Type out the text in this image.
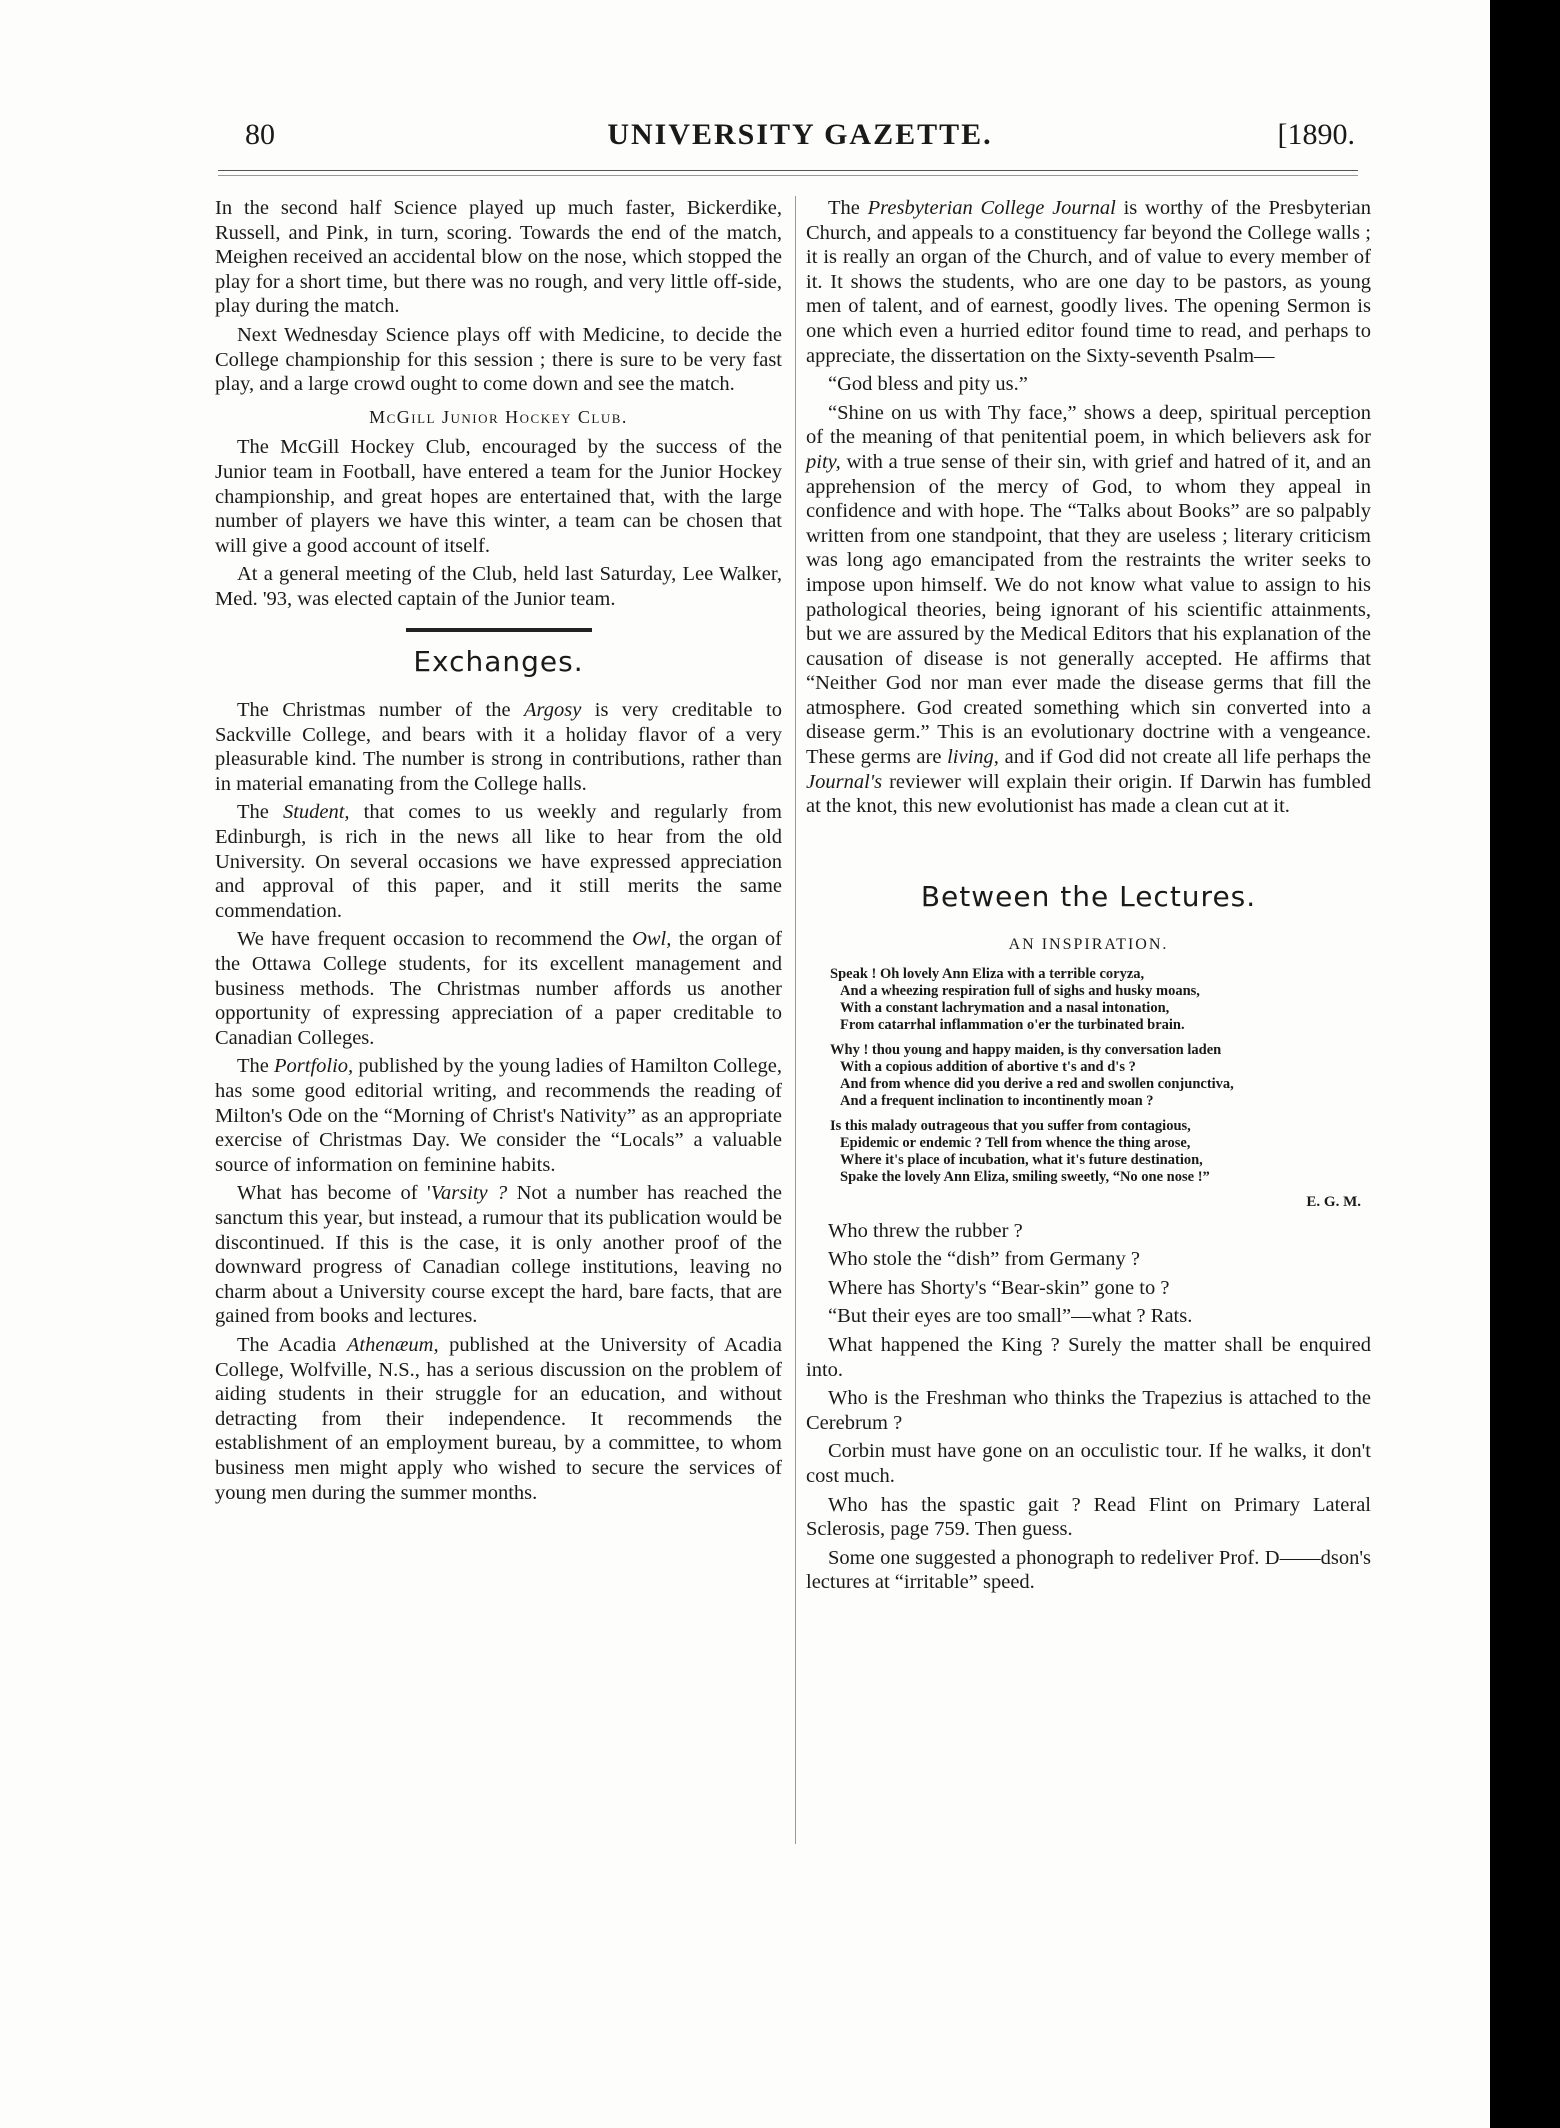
80	UNIVERSITY GAZETTE.	[1890.

In the second half Science played up much faster, Bickerdike, Russell, and Pink, in turn, scoring. Towards the end of the match, Meighen received an accidental blow on the nose, which stopped the play for a short time, but there was no rough, and very little off-side, play during the match.

Next Wednesday Science plays off with Medicine, to decide the College championship for this session ; there is sure to be very fast play, and a large crowd ought to come down and see the match.

McGill Junior Hockey Club.

The McGill Hockey Club, encouraged by the success of the Junior team in Football, have entered a team for the Junior Hockey championship, and great hopes are entertained that, with the large number of players we have this winter, a team can be chosen that will give a good account of itself.

At a general meeting of the Club, held last Saturday, Lee Walker, Med. '93, was elected captain of the Junior team.

Exchanges.

The Christmas number of the Argosy is very creditable to Sackville College, and bears with it a holiday flavor of a very pleasurable kind. The number is strong in contributions, rather than in material emanating from the College halls.

The Student, that comes to us weekly and regularly from Edinburgh, is rich in the news all like to hear from the old University. On several occasions we have expressed appreciation and approval of this paper, and it still merits the same commendation.

We have frequent occasion to recommend the Owl, the organ of the Ottawa College students, for its excellent management and business methods. The Christmas number affords us another opportunity of expressing appreciation of a paper creditable to Canadian Colleges.

The Portfolio, published by the young ladies of Hamilton College, has some good editorial writing, and recommends the reading of Milton's Ode on the “Morning of Christ's Nativity” as an appropriate exercise of Christmas Day. We consider the “Locals” a valuable source of information on feminine habits.

What has become of 'Varsity ? Not a number has reached the sanctum this year, but instead, a rumour that its publication would be discontinued. If this is the case, it is only another proof of the downward progress of Canadian college institutions, leaving no charm about a University course except the hard, bare facts, that are gained from books and lectures.

The Acadia Athenæum, published at the University of Acadia College, Wolfville, N.S., has a serious discussion on the problem of aiding students in their struggle for an education, and without detracting from their independence. It recommends the establishment of an employment bureau, by a committee, to whom business men might apply who wished to secure the services of young men during the summer months.

The Presbyterian College Journal is worthy of the Presbyterian Church, and appeals to a constituency far beyond the College walls ; it is really an organ of the Church, and of value to every member of it. It shows the students, who are one day to be pastors, as young men of talent, and of earnest, goodly lives. The opening Sermon is one which even a hurried editor found time to read, and perhaps to appreciate, the dissertation on the Sixty-seventh Psalm—

“God bless and pity us.”

“Shine on us with Thy face,” shows a deep, spiritual perception of the meaning of that penitential poem, in which believers ask for pity, with a true sense of their sin, with grief and hatred of it, and an apprehension of the mercy of God, to whom they appeal in confidence and with hope. The “Talks about Books” are so palpably written from one standpoint, that they are useless ; literary criticism was long ago emancipated from the restraints the writer seeks to impose upon himself. We do not know what value to assign to his pathological theories, being ignorant of his scientific attainments, but we are assured by the Medical Editors that his explanation of the causation of disease is not generally accepted. He affirms that “Neither God nor man ever made the disease germs that fill the atmosphere. God created something which sin converted into a disease germ.” This is an evolutionary doctrine with a vengeance. These germs are living, and if God did not create all life perhaps the Journal's reviewer will explain their origin. If Darwin has fumbled at the knot, this new evolutionist has made a clean cut at it.

Between the Lectures.
AN INSPIRATION.
Speak ! Oh lovely Ann Eliza with a terrible coryza,
And a wheezing respiration full of sighs and husky moans,
With a constant lachrymation and a nasal intonation,
From catarrhal inflammation o'er the turbinated brain.
Why ! thou young and happy maiden, is thy conversation laden
With a copious addition of abortive t's and d's ?
And from whence did you derive a red and swollen conjunctiva,
And a frequent inclination to incontinently moan ?
Is this malady outrageous that you suffer from contagious,
Epidemic or endemic ? Tell from whence the thing arose,
Where it's place of incubation, what it's future destination,
Spake the lovely Ann Eliza, smiling sweetly, “No one nose !”
E. G. M.

Who threw the rubber ?

Who stole the “dish” from Germany ?

Where has Shorty's “Bear-skin” gone to ?

“But their eyes are too small”—what ? Rats.

What happened the King ? Surely the matter shall be enquired into.

Who is the Freshman who thinks the Trapezius is attached to the Cerebrum ?

Corbin must have gone on an occulistic tour. If he walks, it don't cost much.

Who has the spastic gait ? Read Flint on Primary Lateral Sclerosis, page 759. Then guess.

Some one suggested a phonograph to redeliver Prof. D——dson's lectures at “irritable” speed.
